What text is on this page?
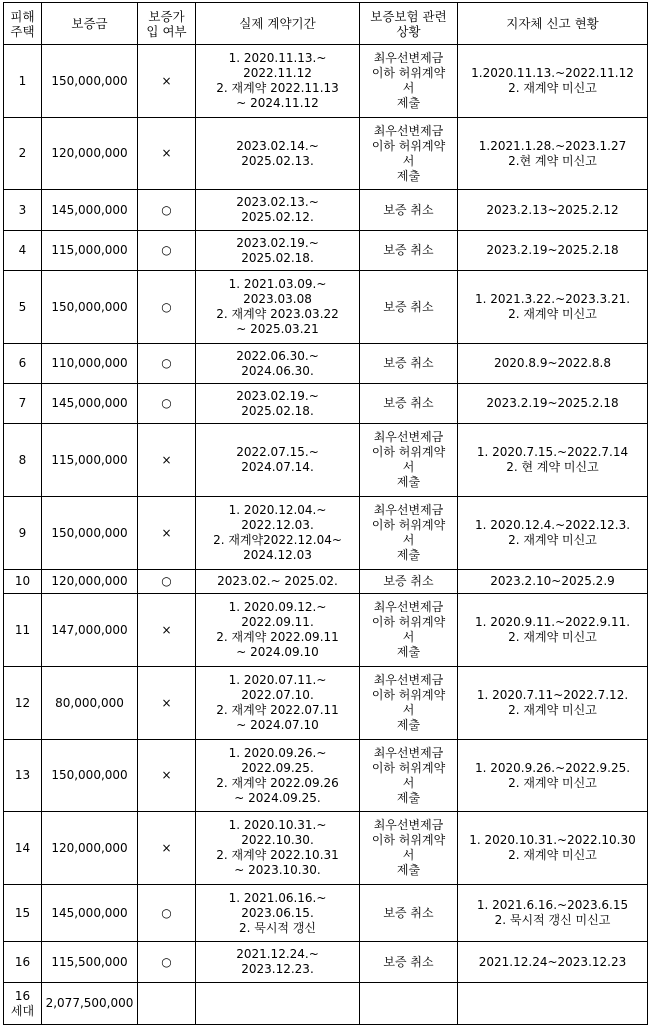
피해
주택	보증금	보증가
입 여부	실제 계약기간	보증보험 관련
상황	지자체 신고 현황
1	150,000,000	×	1. 2020.11.13.~
2022.11.12
2. 재계약 2022.11.13
~ 2024.11.12	최우선변제금
이하 허위계약
서
제출	1.2020.11.13.~2022.11.12
2. 재계약 미신고
2	120,000,000	×	2023.02.14.~
2025.02.13.	최우선변제금
이하 허위계약
서
제출	1.2021.1.28.~2023.1.27
2.현 계약 미신고
3	145,000,000	○	2023.02.13.~
2025.02.12.	보증 취소	2023.2.13~2025.2.12
4	115,000,000	○	2023.02.19.~
2025.02.18.	보증 취소	2023.2.19~2025.2.18
5	150,000,000	○	1. 2021.03.09.~
2023.03.08
2. 재계약 2023.03.22
~ 2025.03.21	보증 취소	1. 2021.3.22.~2023.3.21.
2. 재계약 미신고
6	110,000,000	○	2022.06.30.~
2024.06.30.	보증 취소	2020.8.9~2022.8.8
7	145,000,000	○	2023.02.19.~
2025.02.18.	보증 취소	2023.2.19~2025.2.18
8	115,000,000	×	2022.07.15.~
2024.07.14.	최우선변제금
이하 허위계약
서
제출	1. 2020.7.15.~2022.7.14
2. 현 계약 미신고
9	150,000,000	×	1. 2020.12.04.~
2022.12.03.
2. 재계약2022.12.04~
2024.12.03	최우선변제금
이하 허위계약
서
제출	1. 2020.12.4.~2022.12.3.
2. 재계약 미신고
10	120,000,000	○	2023.02.~ 2025.02.	보증 취소	2023.2.10~2025.2.9
11	147,000,000	×	1. 2020.09.12.~
2022.09.11.
2. 재계약 2022.09.11
~ 2024.09.10	최우선변제금
이하 허위계약
서
제출	1. 2020.9.11.~2022.9.11.
2. 재계약 미신고
12	80,000,000	×	1. 2020.07.11.~
2022.07.10.
2. 재계약 2022.07.11
~ 2024.07.10	최우선변제금
이하 허위계약
서
제출	1. 2020.7.11~2022.7.12.
2. 재계약 미신고
13	150,000,000	×	1. 2020.09.26.~
2022.09.25.
2. 재계약 2022.09.26
~ 2024.09.25.	최우선변제금
이하 허위계약
서
제출	1. 2020.9.26.~2022.9.25.
2. 재계약 미신고
14	120,000,000	×	1. 2020.10.31.~
2022.10.30.
2. 재계약 2022.10.31
~ 2023.10.30.	최우선변제금
이하 허위계약
서
제출	1. 2020.10.31.~2022.10.30
2. 재계약 미신고
15	145,000,000	○	1. 2021.06.16.~
2023.06.15.
2. 묵시적 갱신	보증 취소	1. 2021.6.16.~2023.6.15
2. 묵시적 갱신 미신고
16	115,500,000	○	2021.12.24.~
2023.12.23.	보증 취소	2021.12.24~2023.12.23
16
세대	2,077,500,000				
